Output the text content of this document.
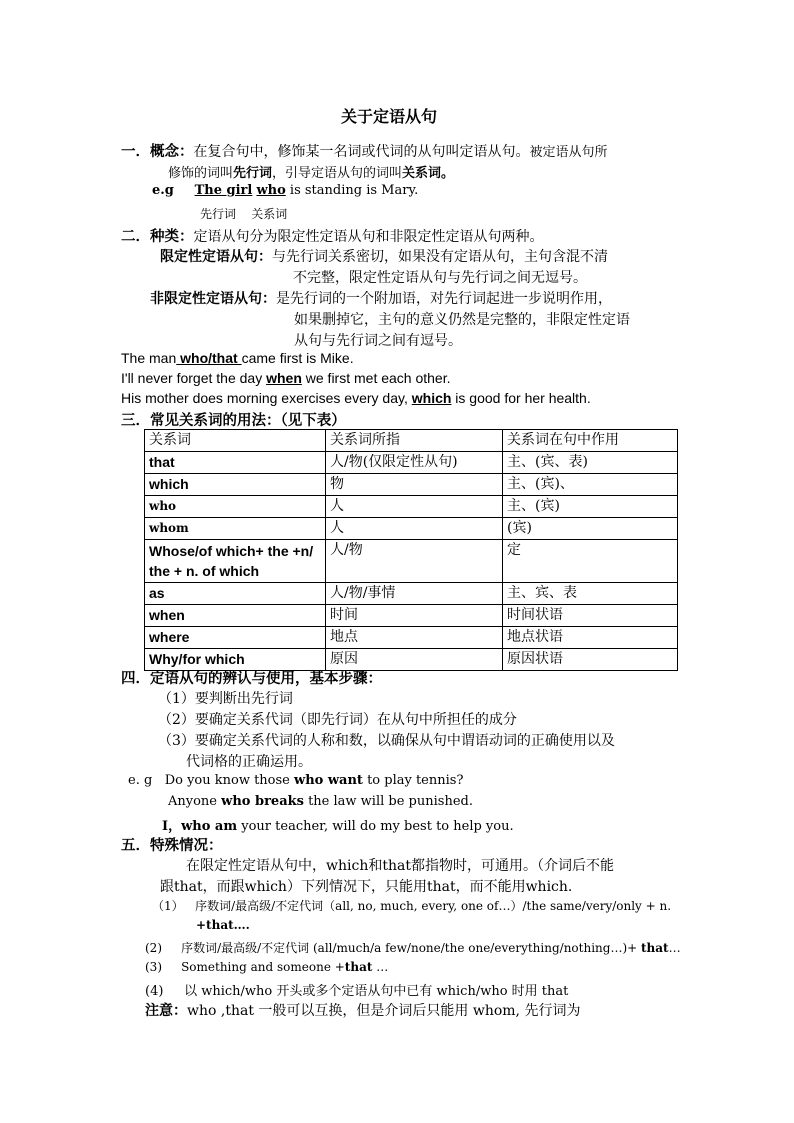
关于定语从句
一．概念：在复合句中，修饰某一名词或代词的从句叫定语从句。被定语从句所
修饰的词叫先行词，引导定语从句的词叫关系词。
e.g The girl who is standing is Mary.
先行词 关系词
二．种类：定语从句分为限定性定语从句和非限定性定语从句两种。
限定性定语从句：与先行词关系密切，如果没有定语从句，主句含混不清
不完整，限定性定语从句与先行词之间无逗号。
非限定性定语从句：是先行词的一个附加语，对先行词起进一步说明作用，
如果删掉它，主句的意义仍然是完整的，非限定性定语
从句与先行词之间有逗号。
The man who/that came first is Mike.
I'll never forget the day when we first met each other.
His mother does morning exercises every day, which is good for her health.
三．常见关系词的用法：（见下表）
关系词	关系词所指	关系词在句中作用
that	人/物(仅限定性从句)	主、(宾、表)
which	物	主、(宾)、
who	人	主、(宾)
whom	人	(宾)
Whose/of which+ the +n/ the + n. of which	人/物	定
as	人/物/事情	主、宾、表
when	时间	时间状语
where	地点	地点状语
Why/for which	原因	原因状语
四．定语从句的辨认与使用，基本步骤：
（1）要判断出先行词
（2）要确定关系代词（即先行词）在从句中所担任的成分
（3）要确定关系代词的人称和数，以确保从句中谓语动词的正确使用以及
代词格的正确运用。
e. g Do you know those who want to play tennis?
Anyone who breaks the law will be punished.
I，who am your teacher, will do my best to help you.
五．特殊情况：
在限定性定语从句中，which和that都指物时，可通用。（介词后不能
跟that，而跟which）下列情况下，只能用that，而不能用which.
（1） 序数词/最高级/不定代词（all, no, much, every, one of…）/the same/very/only + n.
+that….
(2) 序数词/最高级/不定代词 (all/much/a few/none/the one/everything/nothing…)+ that…
(3) Something and someone +that …
(4) 以 which/who 开头或多个定语从句中已有 which/who 时用 that
注意：who ,that 一般可以互换，但是介词后只能用 whom, 先行词为
